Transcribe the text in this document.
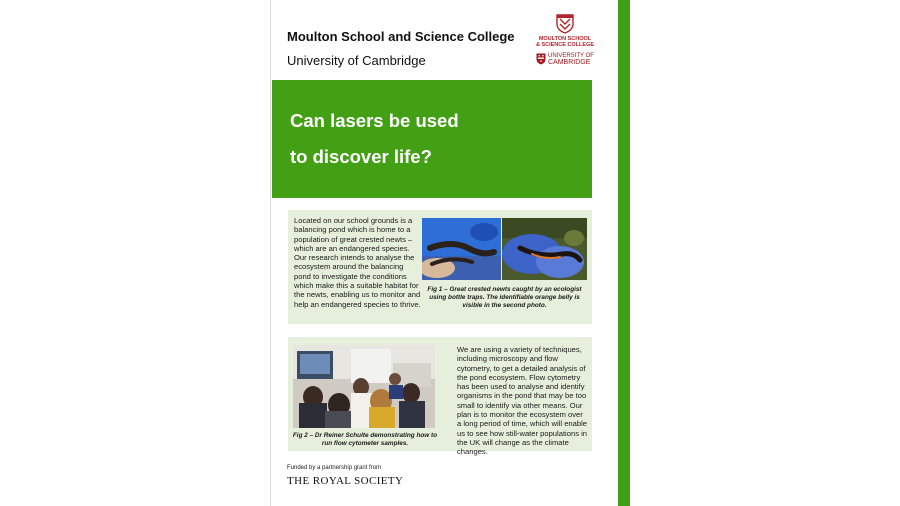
Moulton School and Science College
University of Cambridge
MOULTON SCHOOL
& SCIENCE COLLEGE
UNIVERSITY OF
CAMBRIDGE
Can lasers be used
to discover life?
Located on our school grounds is a balancing pond which is home to a population of great crested newts – which are an endangered species. Our research intends to analyse the ecosystem around the balancing pond to investigate the conditions which make this a suitable habitat for the newts, enabling us to monitor and help an endangered species to thrive.
Fig 1 – Great crested newts caught by an ecologist using bottle traps. The identifiable orange belly is visible in the second photo.
Fig 2 – Dr Reiner Schulte demonstrating how to run flow cytometer samples.
We are using a variety of techniques, including microscopy and flow cytometry, to get a detailed analysis of the pond ecosystem. Flow cytometry has been used to analyse and identify organisms in the pond that may be too small to identify via other means. Our plan is to monitor the ecosystem over a long period of time, which will enable us to see how still-water populations in the UK will change as the climate changes.
Funded by a partnership grant from
THE ROYAL SOCIETY
